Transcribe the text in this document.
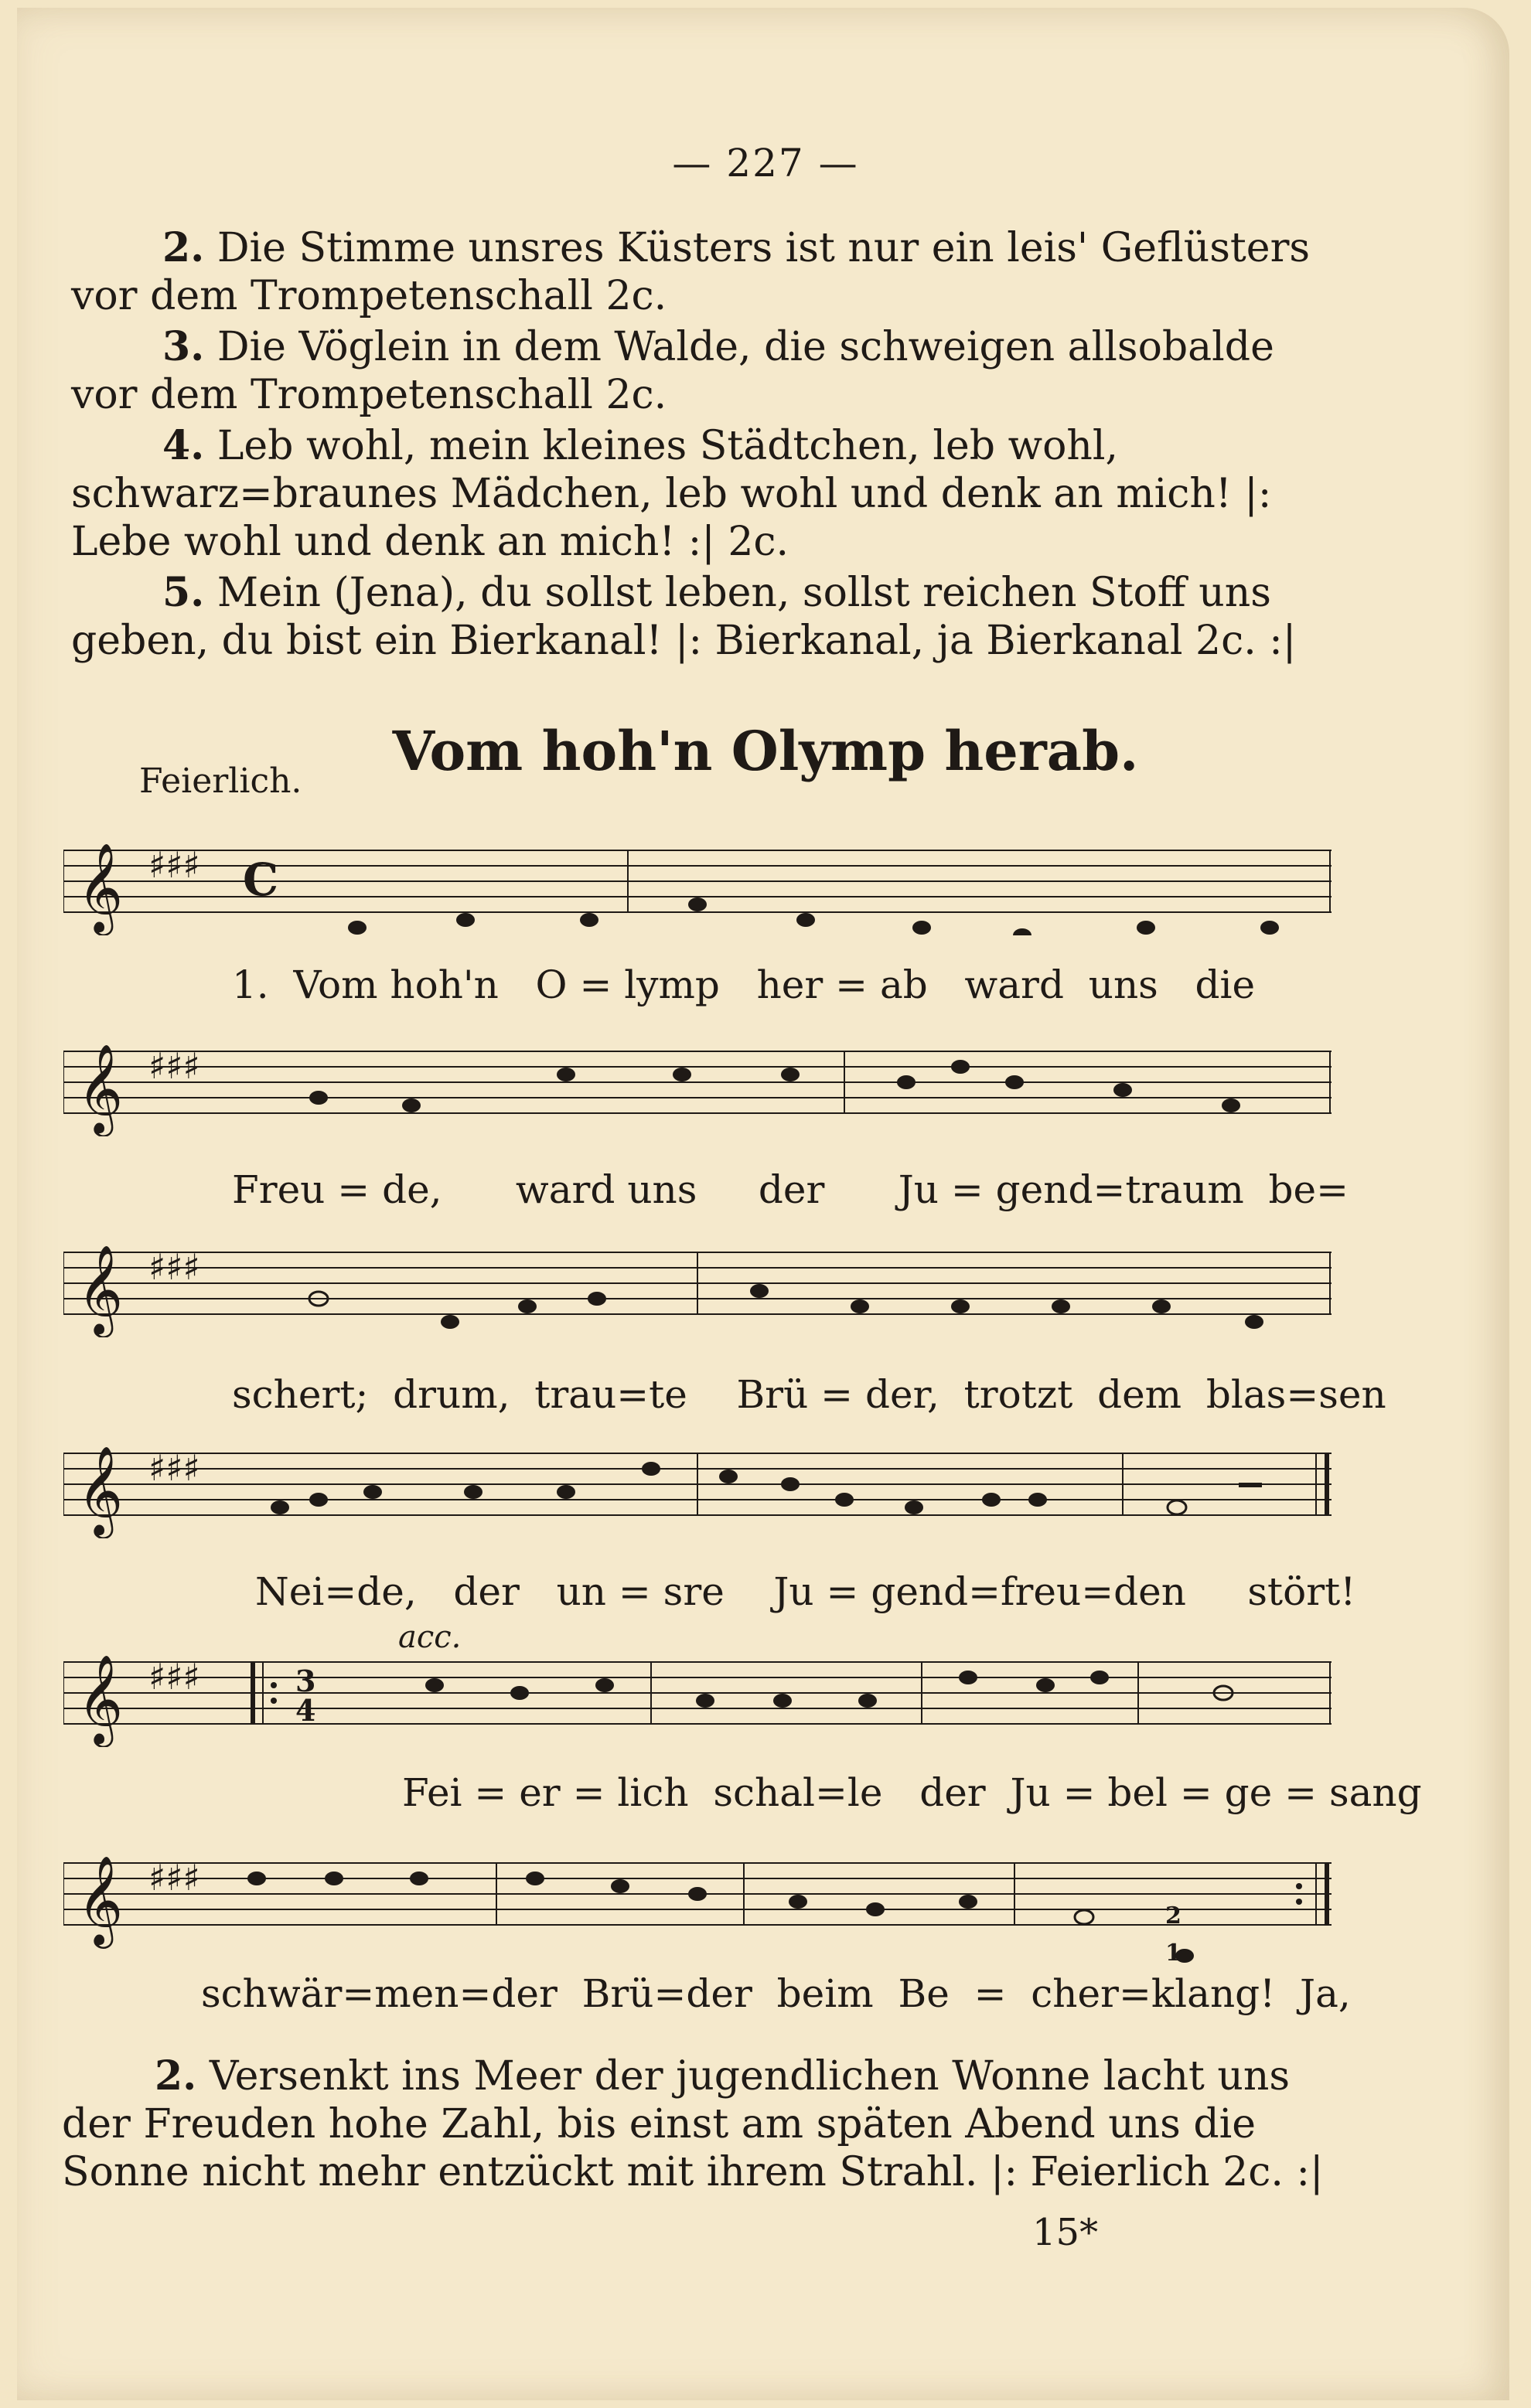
— 227 —

2. Die Stimme unsres Küsters ist nur ein leis' Geflüsters vor dem Trompetenschall 2c.

3. Die Vöglein in dem Walde, die schweigen allsobalde vor dem Trompetenschall 2c.

4. Leb wohl, mein kleines Städtchen, leb wohl, schwarz=braunes Mädchen, leb wohl und denk an mich! |: Lebe wohl und denk an mich! :| 2c.

5. Mein (Jena), du sollst leben, sollst reichen Stoff uns geben, du bist ein Bierkanal! |: Bierkanal, ja Bierkanal 2c. :|

Vom hoh'n Olymp herab.
Feierlich.
𝄞 ♯♯♯ C
1.  Vom hoh'n   O = lymp   her = ab   ward  uns   die
𝄞 ♯♯♯
Freu = de,      ward uns     der      Ju = gend=traum  be=
𝄞 ♯♯♯
schert;  drum,  trau=te    Brü = der,  trotzt  dem  blas=sen
𝄞 ♯♯♯
Nei=de,   der   un = sre    Ju = gend=freu=den     stört!
acc.
𝄞 ♯♯♯	3
4
Fei = er = lich  schal=le   der  Ju = bel = ge = sang
𝄞 ♯♯♯
2
1
schwär=men=der  Brü=der  beim  Be  =  cher=klang!  Ja,

2. Versenkt ins Meer der jugendlichen Wonne lacht uns der Freuden hohe Zahl, bis einst am späten Abend uns die Sonne nicht mehr entzückt mit ihrem Strahl. |: Feierlich 2c. :|

15*
